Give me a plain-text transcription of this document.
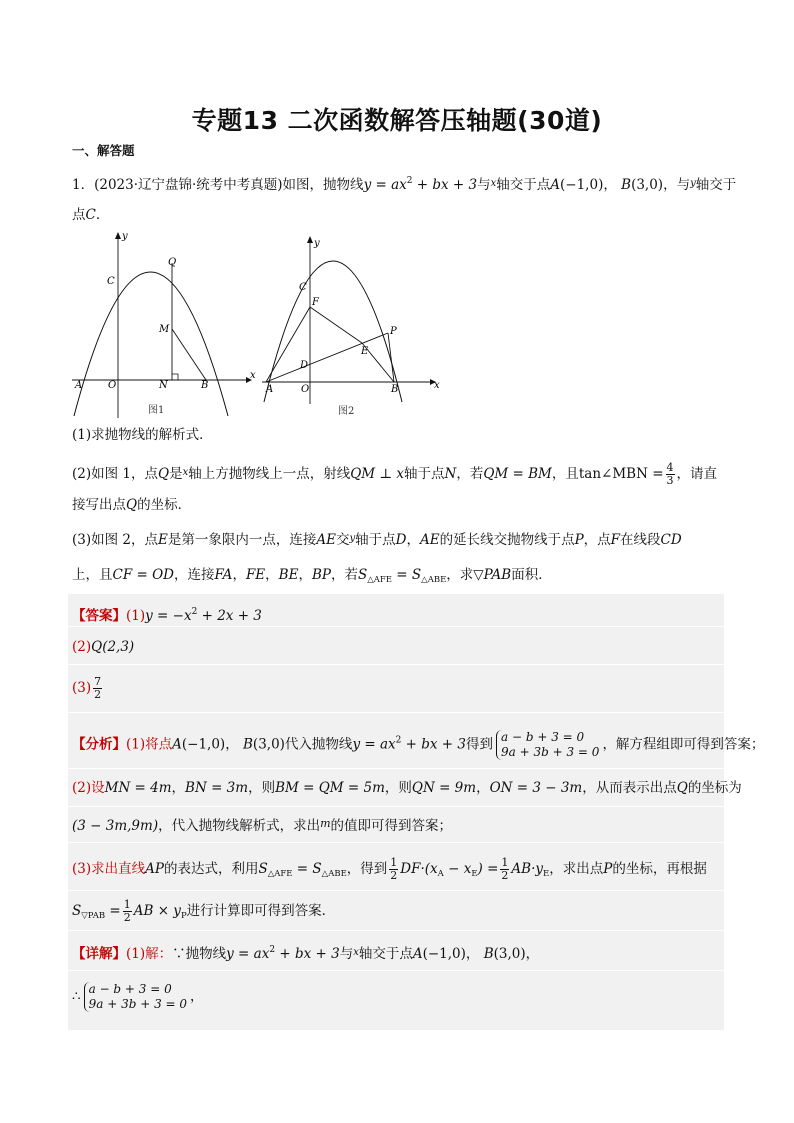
专题13 二次函数解答压轴题(30道)
一、解答题
1．(2023·辽宁盘锦·统考中考真题)如图，抛物线$y = ax^2$ + bx + 3与$^x$轴交于点A(−1,0)， B(3,0)，与$^y$轴交于
点C．
y
x
O
A
C
Q
M
N	B
图1
y
x
O
A
C
F
D
E
P
B
图2
(1)求抛物线的解析式．
(2)如图 1，点Q是$^x$轴上方抛物线上一点，射线QM ⊥ x轴于点N，若QM = BM，且tan∠MBN = $\frac{4}{3}$ ，请直
接写出点Q的坐标．
(3)如图 2，点E是第一象限内一点，连接AE交$^y$轴于点D，AE的延长线交抛物线于点P，点F在线段CD
上，且CF = OD，连接FA，FE，BE，BP，若$S_{\triangle AFE} = S_{\triangle ABE}$，求▽PAB面积．
【答案】$(1)y = -x^2 + 2x + 3$
(2)Q(2,3)
$(3) \frac{7}{2}$
【分析】(1)将点A(−1,0)， B(3,0)代入抛物线$y = ax^2$ + bx + 3得到 a − b + 3 = 0
9a + 3b + 3 = 0 ，解方程组即可得到答案；
(2)设MN = 4m，BN = 3m，则BM = QM = 5m，则QN = 9m，ON = 3 − 3m，从而表示出点Q的坐标为
(3 − 3m,9m)，代入抛物线解析式，求出$^m$的值即可得到答案；
(3)求出直线AP的表达式，利用$S_{\triangle AFE} = S_{\triangle ABE}$，得到 $\frac{1}{2} DF\cdot(x_A - x_E) = \frac{1}{2} AB\cdot y_E$，求出点P的坐标，再根据
$S_{▽PAB} = \frac{1}{2}$ AB × $y_P$进行计算即可得到答案．
【详解】(1)解：∵抛物线$y = ax^2$ + bx + 3与$^x$轴交于点A(−1,0)， B(3,0)，
∴ a − b + 3 = 0
9a + 3b + 3 = 0 ，
